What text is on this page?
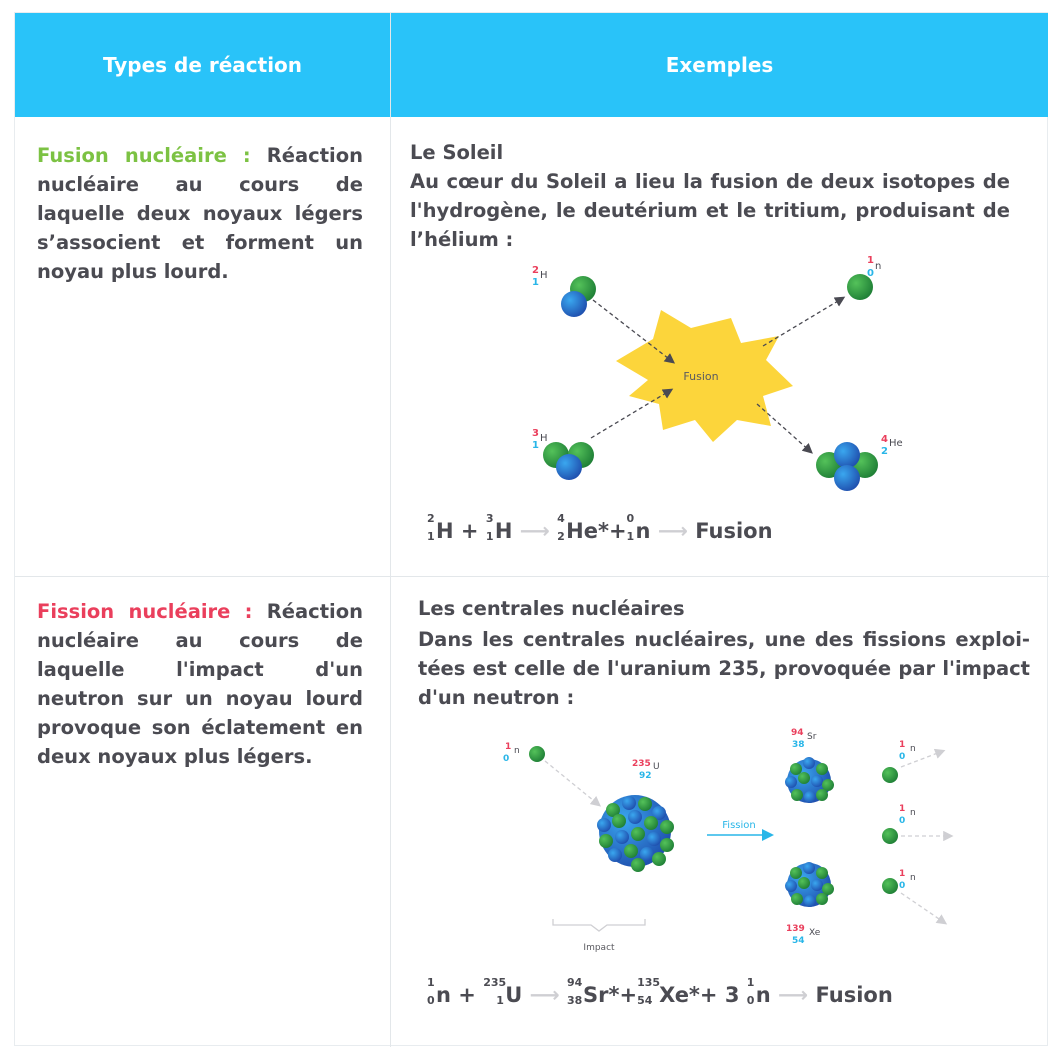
Types de réaction	Exemples
Fusion nucléaire : Réaction nucléaire au cours de laquelle deux noyaux légers s’associent et forment un noyau plus lourd.
Le Soleil
Au cœur du Soleil a lieu la fusion de deux isotopes de l'hydrogène, le deutérium et le tritium, produisant de l’hélium :
Fusion
2
1
H
3
1
H
1
0
n
4
2
He
2
1 H +
3
1 H ⟶
4
2 He*+
0
1 n ⟶ Fusion
Fission nucléaire : Réaction nucléaire au cours de laquelle l'impact d'un neutron sur un noyau lourd provoque son éclatement en deux noyaux plus légers.
Les centrales nucléaires
Dans les centrales nucléaires, une des fissions exploitées est celle de l'uranium 235, provoquée par l'impact d'un neutron :
1
0
n
235
92
U
Impact
Fission
94
38
Sr
139
54
Xe
1
0
n
1
0
n
1
0
n
1
0 n +
235
1 U ⟶
94
38 Sr*+
135
54 Xe*+ 3
1
0 n ⟶ Fusion
